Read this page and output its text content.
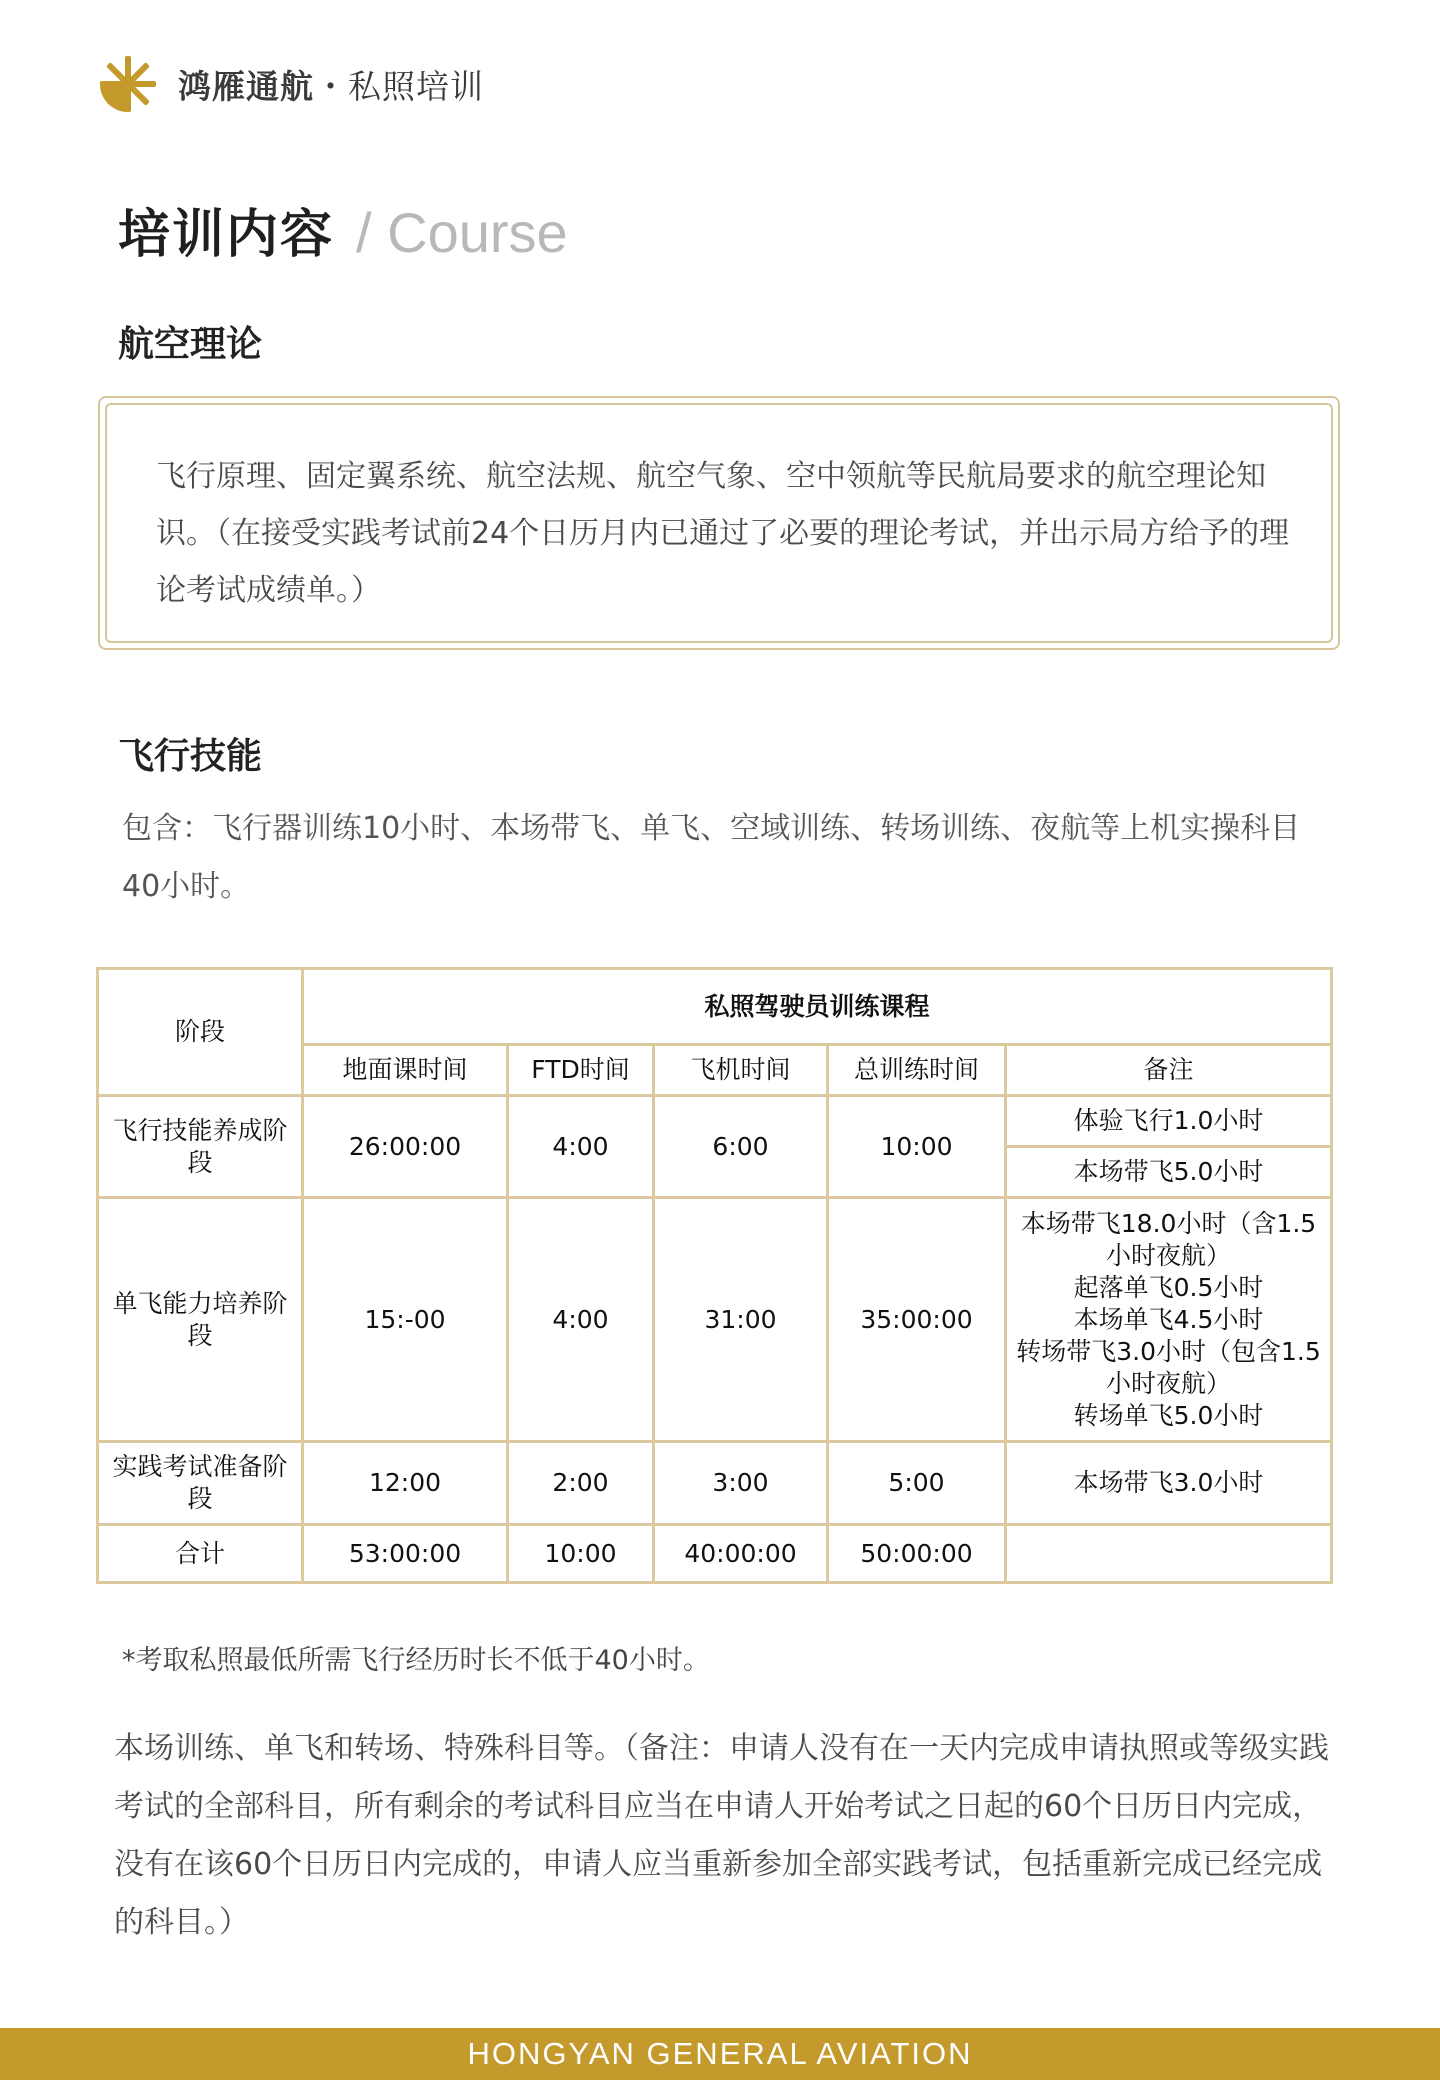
鸿雁通航・私照培训
培训内容 / Course
航空理论
飞行原理、固定翼系统、航空法规、航空气象、空中领航等民航局要求的航空理论知识。（在接受实践考试前24个日历月内已通过了必要的理论考试，并出示局方给予的理论考试成绩单。）
飞行技能
包含：飞行器训练10小时、本场带飞、单飞、空域训练、转场训练、夜航等上机实操科目40小时。
阶段	私照驾驶员训练课程				
	地面课时间	FTD时间	飞机时间	总训练时间	备注
飞行技能养成阶段	26:00:00	4:00	6:00	10:00	体验飞行1.0小时
					本场带飞5.0小时
单飞能力培养阶段	15:-00	4:00	31:00	35:00:00	本场带飞18.0小时（含1.5小时夜航）
起落单飞0.5小时
本场单飞4.5小时
转场带飞3.0小时（包含1.5小时夜航）
转场单飞5.0小时

实践考试准备阶段	12:00	2:00	3:00	5:00	本场带飞3.0小时
合计	53:00:00	10:00	40:00:00	50:00:00	
*考取私照最低所需飞行经历时长不低于40小时。
本场训练、单飞和转场、特殊科目等。（备注：申请人没有在一天内完成申请执照或等级实践考试的全部科目，所有剩余的考试科目应当在申请人开始考试之日起的60个日历日内完成，没有在该60个日历日内完成的，申请人应当重新参加全部实践考试，包括重新完成已经完成的科目。）
HONGYAN GENERAL AVIATION
